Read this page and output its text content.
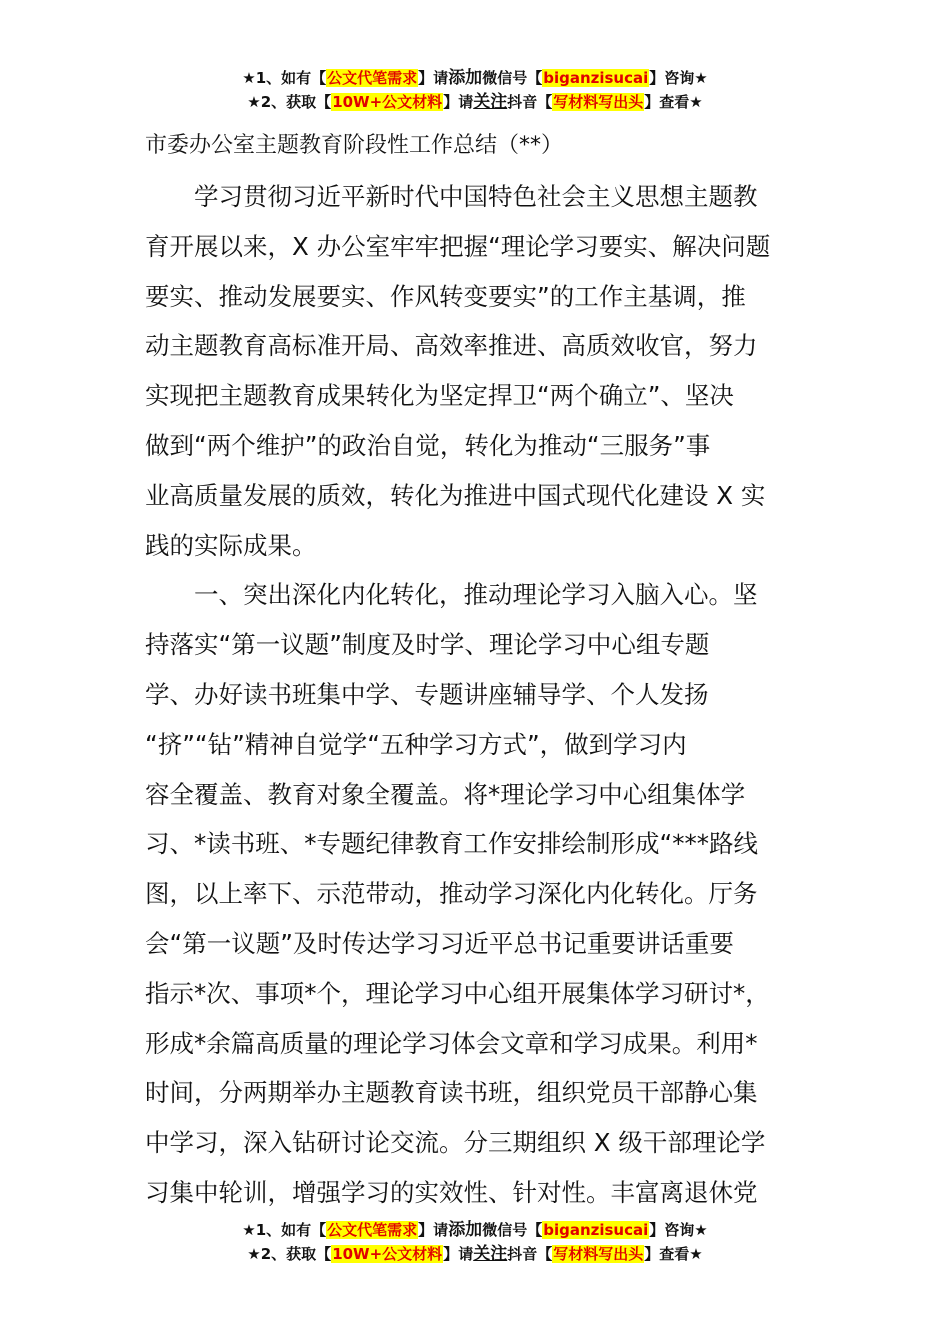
★1、如有【公文代笔需求】请添加微信号【biganzisucai】咨询★
★2、获取【10W+公文材料】请关注抖音【写材料写出头】查看★
市委办公室主题教育阶段性工作总结（**）
　　学习贯彻习近平新时代中国特色社会主义思想主题教
育开展以来，X 办公室牢牢把握“理论学习要实、解决问题
要实、推动发展要实、作风转变要实”的工作主基调，推
动主题教育高标准开局、高效率推进、高质效收官，努力
实现把主题教育成果转化为坚定捍卫“两个确立”、坚决
做到“两个维护”的政治自觉，转化为推动“三服务”事
业高质量发展的质效，转化为推进中国式现代化建设 X 实
践的实际成果。
　　一、突出深化内化转化，推动理论学习入脑入心。坚
持落实“第一议题”制度及时学、理论学习中心组专题
学、办好读书班集中学、专题讲座辅导学、个人发扬
“挤”“钻”精神自觉学“五种学习方式”，做到学习内
容全覆盖、教育对象全覆盖。将*理论学习中心组集体学
习、*读书班、*专题纪律教育工作安排绘制形成“***路线
图，以上率下、示范带动，推动学习深化内化转化。厅务
会“第一议题”及时传达学习习近平总书记重要讲话重要
指示*次、事项*个，理论学习中心组开展集体学习研讨*，
形成*余篇高质量的理论学习体会文章和学习成果。利用*
时间，分两期举办主题教育读书班，组织党员干部静心集
中学习，深入钻研讨论交流。分三期组织 X 级干部理论学
习集中轮训，增强学习的实效性、针对性。丰富离退休党
★1、如有【公文代笔需求】请添加微信号【biganzisucai】咨询★
★2、获取【10W+公文材料】请关注抖音【写材料写出头】查看★
